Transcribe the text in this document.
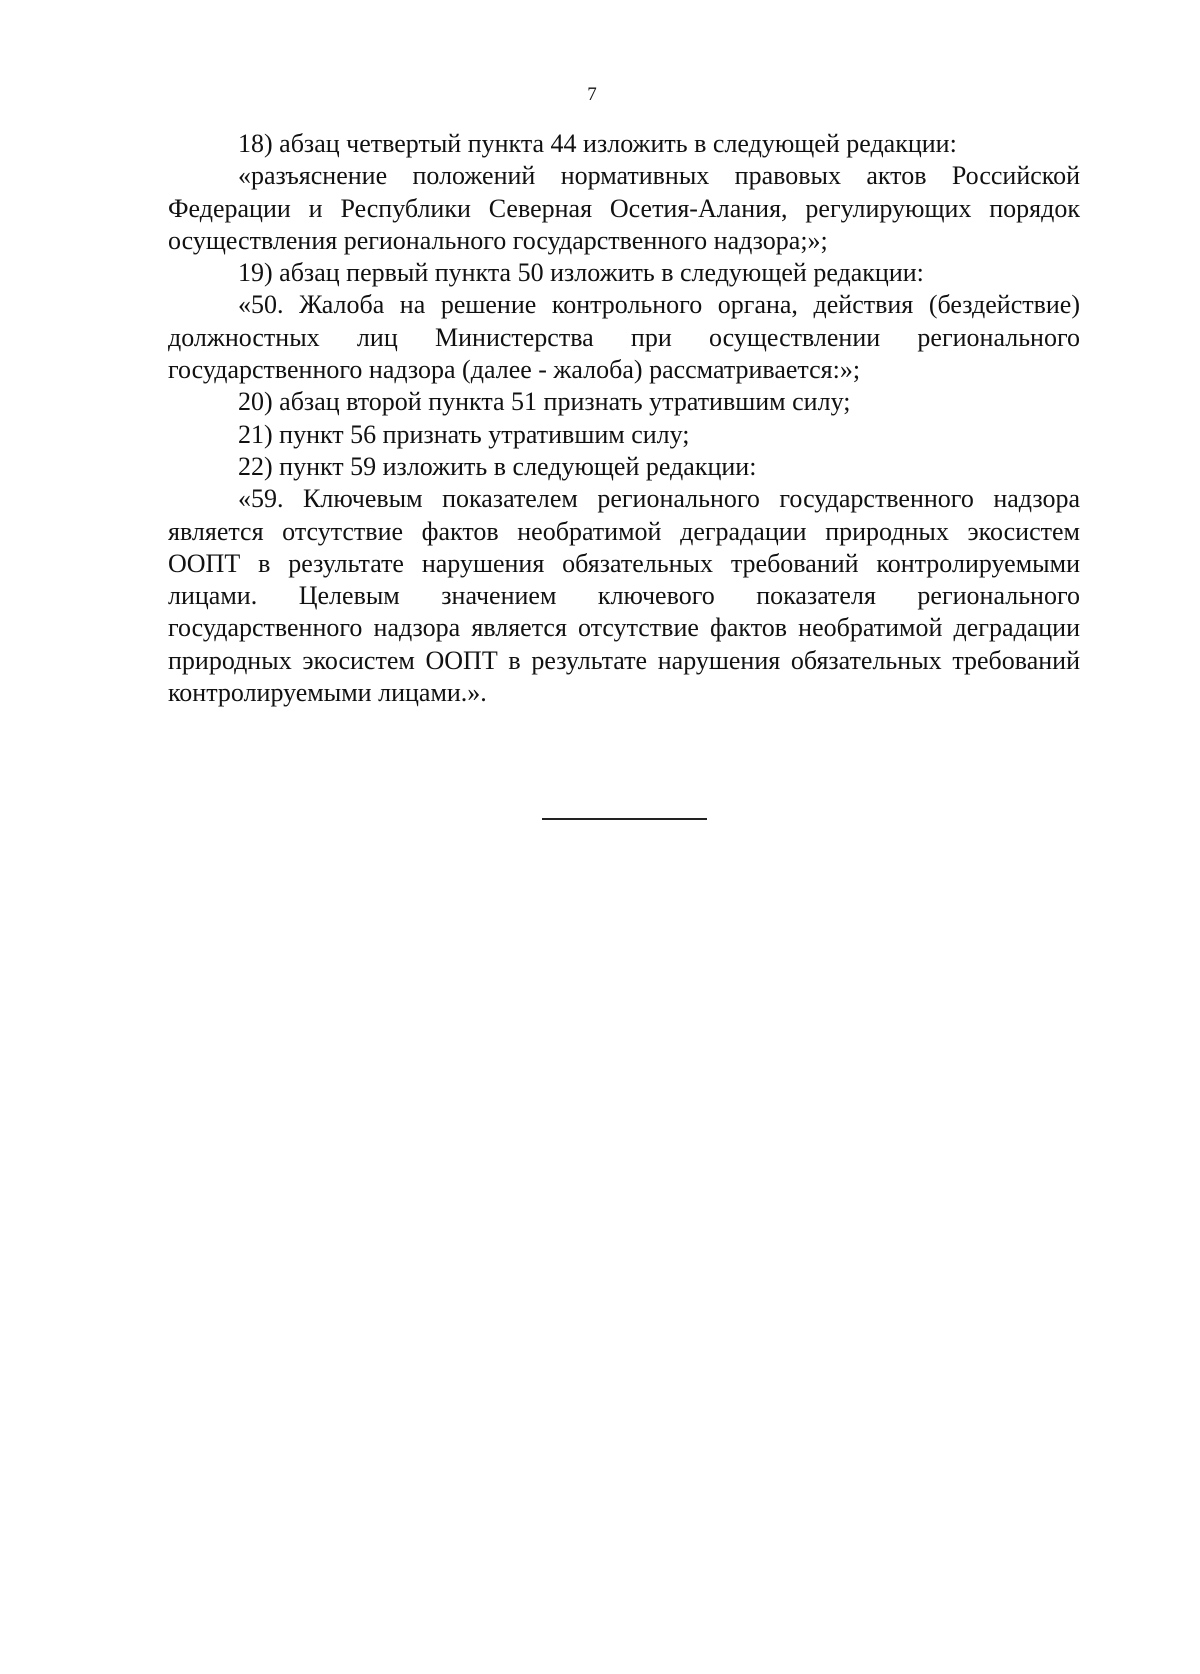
7

18) абзац четвертый пункта 44 изложить в следующей редакции:

«разъяснение положений нормативных правовых актов Российской Федерации и Республики Северная Осетия-Алания, регулирующих порядок осуществления регионального государственного надзора;»;

19) абзац первый пункта 50 изложить в следующей редакции:

«50. Жалоба на решение контрольного органа, действия (бездействие) должностных лиц Министерства при осуществлении регионального государственного надзора (далее - жалоба) рассматривается:»;

20) абзац второй пункта 51 признать утратившим силу;

21) пункт 56 признать утратившим силу;

22) пункт 59 изложить в следующей редакции:

«59. Ключевым показателем регионального государственного надзора является отсутствие фактов необратимой деградации природных экосистем ООПТ в результате нарушения обязательных требований контролируемыми лицами. Целевым значением ключевого показателя регионального государственного надзора является отсутствие фактов необратимой деградации природных экосистем ООПТ в результате нарушения обязательных требований контролируемыми лицами.».
